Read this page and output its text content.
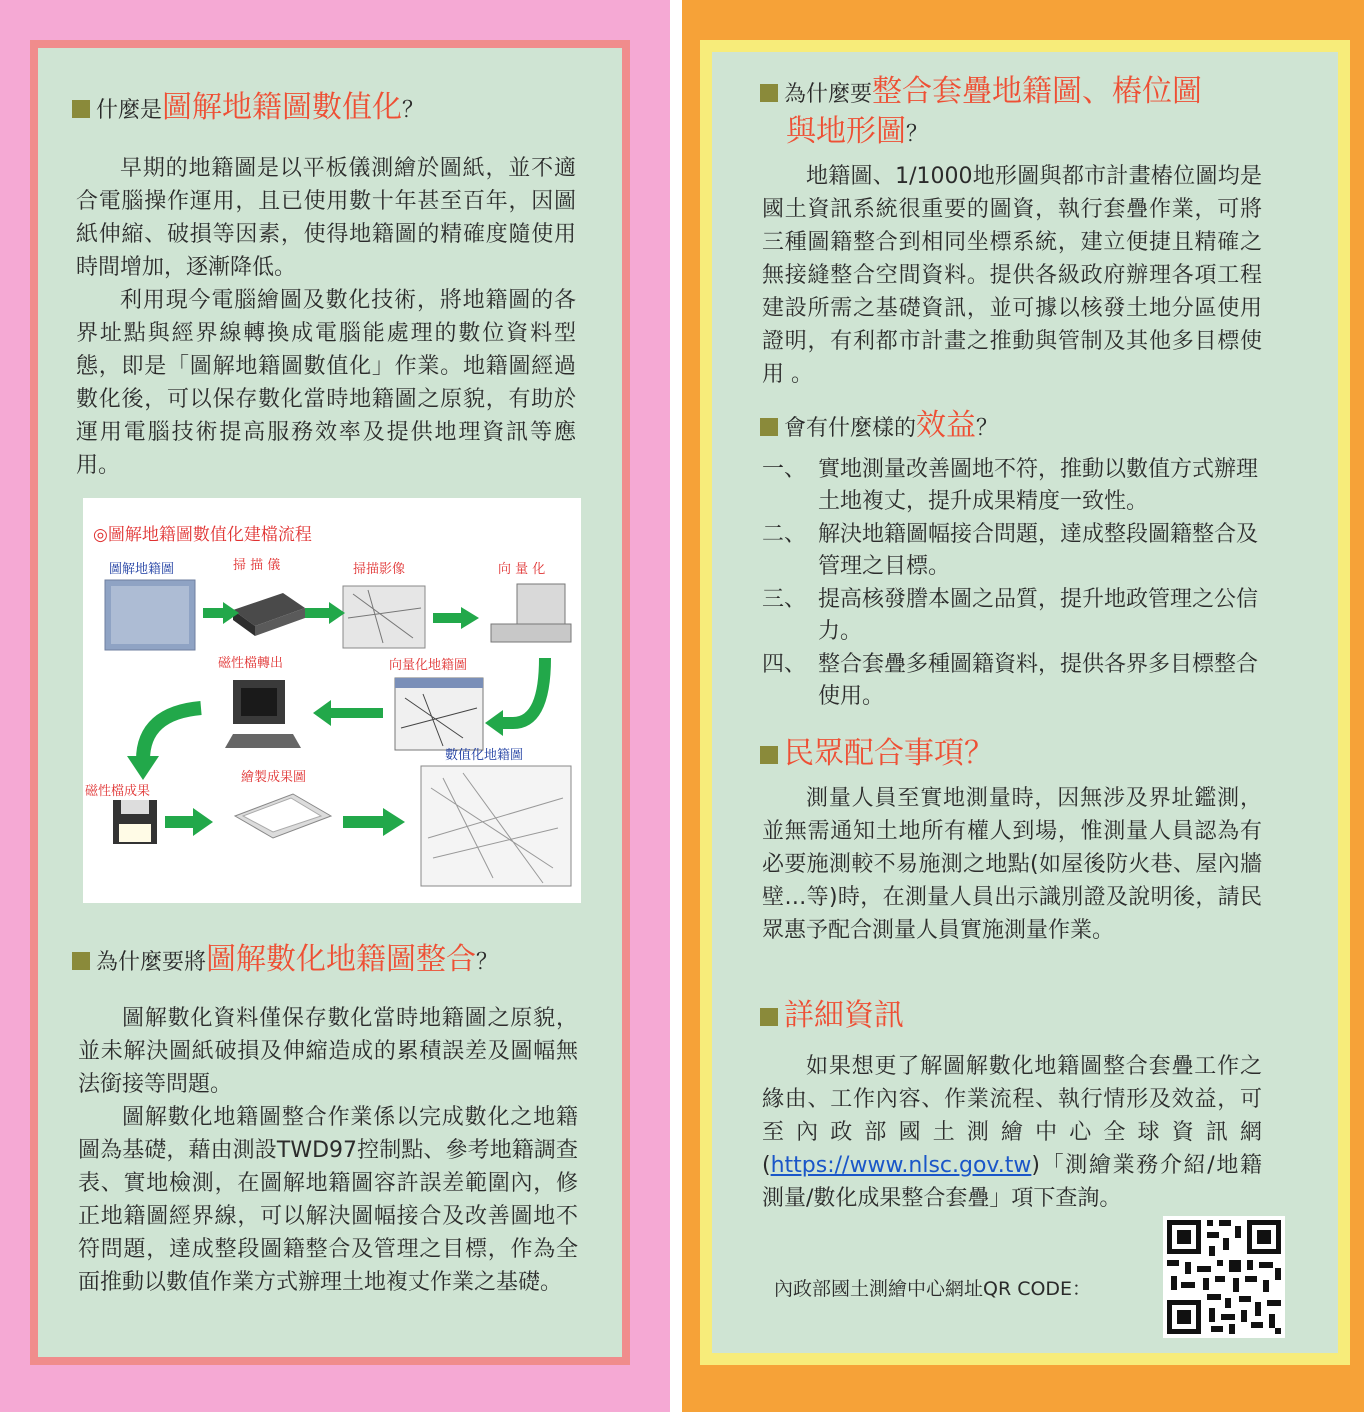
什麼是圖解地籍圖數值化？

早期的地籍圖是以平板儀測繪於圖紙，並不適合電腦操作運用，且已使用數十年甚至百年，因圖紙伸縮、破損等因素，使得地籍圖的精確度隨使用時間增加，逐漸降低。

利用現今電腦繪圖及數化技術，將地籍圖的各界址點與經界線轉換成電腦能處理的數位資料型態，即是「圖解地籍圖數值化」作業。地籍圖經過數化後，可以保存數化當時地籍圖之原貌，有助於運用電腦技術提高服務效率及提供地理資訊等應用。

◎圖解地籍圖數值化建檔流程
圖解地籍圖	掃 描 儀	掃描影像	向 量 化
磁性檔轉出	向量化地籍圖
數值化地籍圖
磁性檔成果
繪製成果圖
為什麼要將圖解數化地籍圖整合？

圖解數化資料僅保存數化當時地籍圖之原貌，並未解決圖紙破損及伸縮造成的累積誤差及圖幅無法銜接等問題。

圖解數化地籍圖整合作業係以完成數化之地籍圖為基礎，藉由測設TWD97控制點、參考地籍調查表、實地檢測，在圖解地籍圖容許誤差範圍內，修正地籍圖經界線，可以解決圖幅接合及改善圖地不符問題，達成整段圖籍整合及管理之目標，作為全面推動以數值作業方式辦理土地複丈作業之基礎。

為什麼要整合套疊地籍圖、樁位圖
與地形圖？

地籍圖、1/1000地形圖與都市計畫樁位圖均是國土資訊系統很重要的圖資，執行套疊作業，可將三種圖籍整合到相同坐標系統，建立便捷且精確之無接縫整合空間資料。提供各級政府辦理各項工程建設所需之基礎資訊，並可據以核發土地分區使用證明，有利都市計畫之推動與管制及其他多目標使用 。

會有什麼樣的效益？
一、 實地測量改善圖地不符，推動以數值方式辦理土地複丈，提升成果精度一致性。
二、 解決地籍圖幅接合問題，達成整段圖籍整合及管理之目標。
三、 提高核發謄本圖之品質，提升地政管理之公信力。
四、 整合套疊多種圖籍資料，提供各界多目標整合使用。
民眾配合事項？

測量人員至實地測量時，因無涉及界址鑑測，並無需通知土地所有權人到場，惟測量人員認為有必要施測較不易施測之地點(如屋後防火巷、屋內牆壁…等)時，在測量人員出示識別證及說明後，請民眾惠予配合測量人員實施測量作業。

詳細資訊

如果想更了解圖解數化地籍圖整合套疊工作之緣由、工作內容、作業流程、執行情形及效益，可至內政部國土測繪中心全球資訊網(https://www.nlsc.gov.tw)「測繪業務介紹/地籍測量/數化成果整合套疊」項下查詢。

內政部國土測繪中心網址QR CODE：
